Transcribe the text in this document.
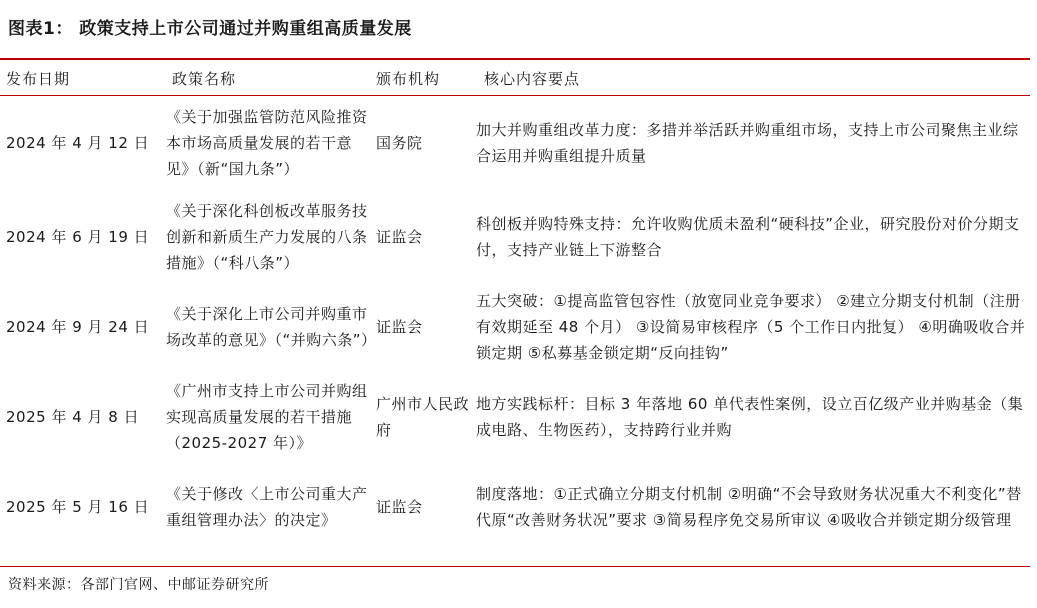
图表1： 政策支持上市公司通过并购重组高质量发展
发布日期	政策名称	颁布机构	核心内容要点
2024 年 4 月 12 日	《关于加强监管防范风险推资本市场高质量发展的若干意见》（新“国九条”）	国务院	加大并购重组改革力度：多措并举活跃并购重组市场，支持上市公司聚焦主业综合运用并购重组提升质量
2024 年 6 月 19 日	《关于深化科创板改革服务技创新和新质生产力发展的八条措施》（“科八条”）	证监会	科创板并购特殊支持：允许收购优质未盈利“硬科技”企业，研究股份对价分期支付，支持产业链上下游整合
2024 年 9 月 24 日	《关于深化上市公司并购重市场改革的意见》（“并购六条”）	证监会	五大突破：①提高监管包容性（放宽同业竞争要求） ②建立分期支付机制（注册有效期延至 48 个月） ③设简易审核程序（5 个工作日内批复） ④明确吸收合并锁定期 ⑤私募基金锁定期“反向挂钩”
2025 年 4 月 8 日	《广州市支持上市公司并购组实现高质量发展的若干措施（2025-2027 年）》	广州市人民政府	地方实践标杆：目标 3 年落地 60 单代表性案例，设立百亿级产业并购基金（集成电路、生物医药），支持跨行业并购
2025 年 5 月 16 日	《关于修改〈上市公司重大产重组管理办法〉的决定》	证监会	制度落地：①正式确立分期支付机制 ②明确“不会导致财务状况重大不利变化”替代原“改善财务状况”要求 ③简易程序免交易所审议 ④吸收合并锁定期分级管理
资料来源：各部门官网、中邮证券研究所
